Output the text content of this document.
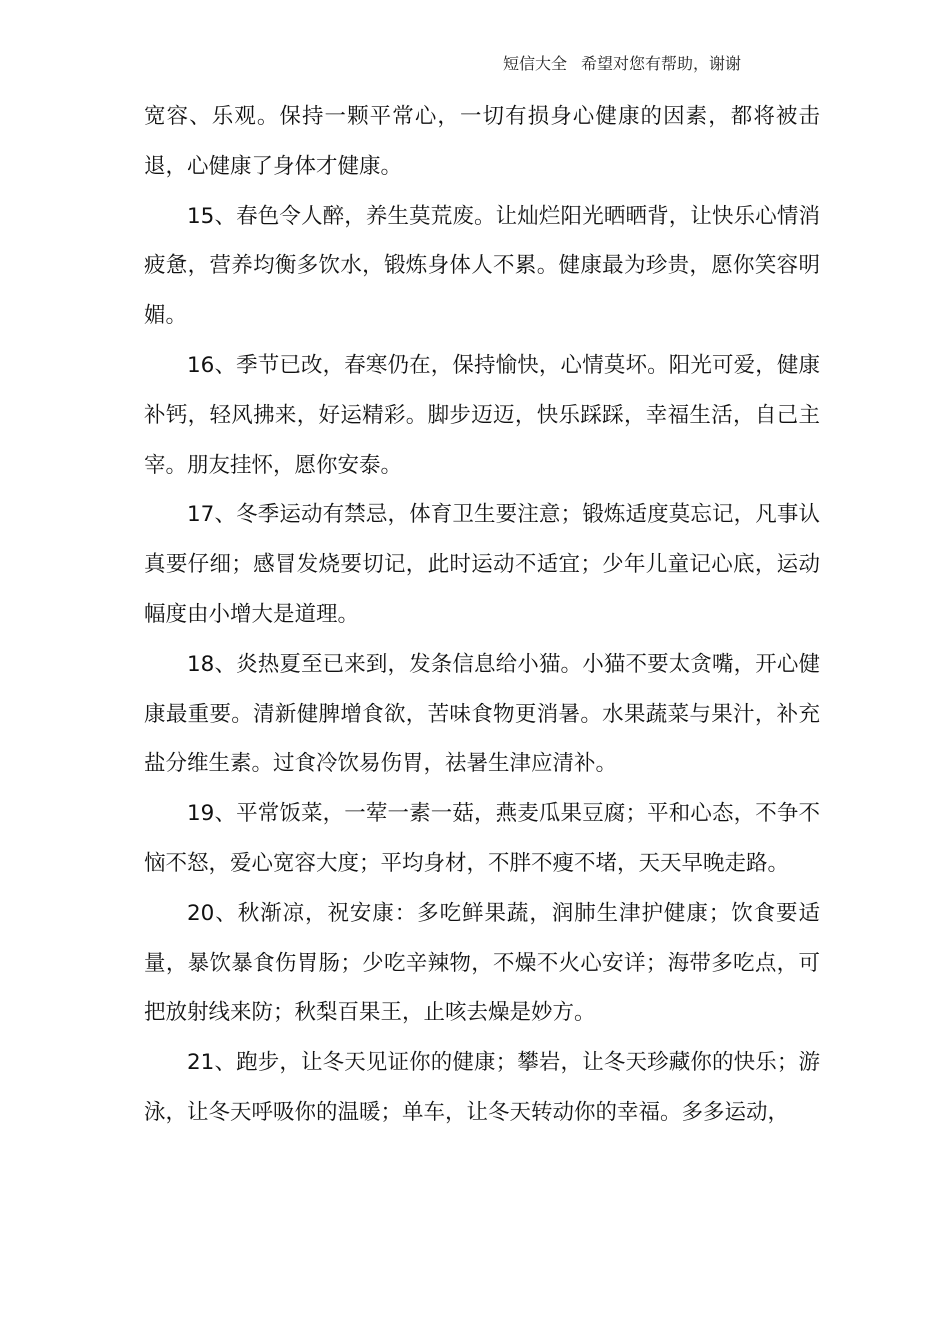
短信大全 希望对您有帮助，谢谢

宽容、乐观。保持一颗平常心，一切有损身心健康的因素，都将被击退，心健康了身体才健康。

15、春色令人醉，养生莫荒废。让灿烂阳光晒晒背，让快乐心情消疲惫，营养均衡多饮水，锻炼身体人不累。健康最为珍贵，愿你笑容明媚。

16、季节已改，春寒仍在，保持愉快，心情莫坏。阳光可爱，健康补钙，轻风拂来，好运精彩。脚步迈迈，快乐踩踩，幸福生活，自己主宰。朋友挂怀，愿你安泰。

17、冬季运动有禁忌，体育卫生要注意；锻炼适度莫忘记，凡事认真要仔细；感冒发烧要切记，此时运动不适宜；少年儿童记心底，运动幅度由小增大是道理。

18、炎热夏至已来到，发条信息给小猫。小猫不要太贪嘴，开心健康最重要。清新健脾增食欲，苦味食物更消暑。水果蔬菜与果汁，补充盐分维生素。过食冷饮易伤胃，祛暑生津应清补。

19、平常饭菜，一荤一素一菇，燕麦瓜果豆腐；平和心态，不争不恼不怒，爱心宽容大度；平均身材，不胖不瘦不堵，天天早晚走路。

20、秋渐凉，祝安康：多吃鲜果蔬，润肺生津护健康；饮食要适量，暴饮暴食伤胃肠；少吃辛辣物，不燥不火心安详；海带多吃点，可把放射线来防；秋梨百果王，止咳去燥是妙方。

21、跑步，让冬天见证你的健康；攀岩，让冬天珍藏你的快乐；游泳，让冬天呼吸你的温暖；单车，让冬天转动你的幸福。多多运动，
